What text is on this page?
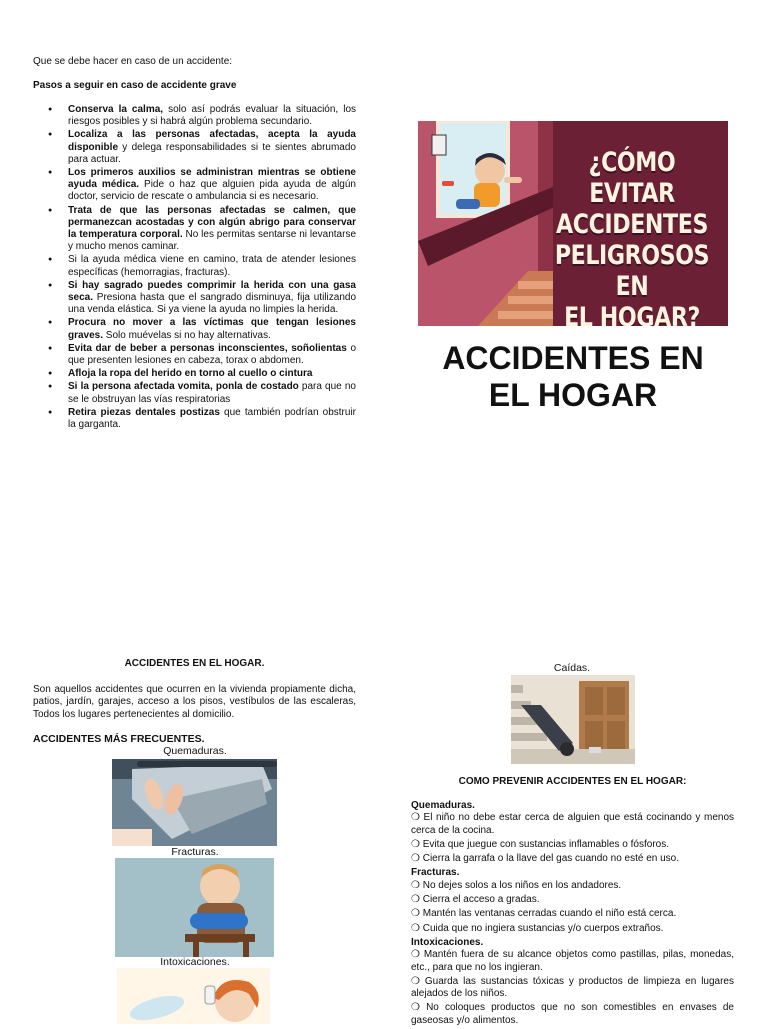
Que se debe hacer en caso de un accidente:
Pasos a seguir en caso de accidente grave
● Conserva la calma, solo así podrás evaluar la situación, los riesgos posibles y si habrá algún problema secundario.
● Localiza a las personas afectadas, acepta la ayuda disponible y delega responsabilidades si te sientes abrumado para actuar.
● Los primeros auxilios se administran mientras se obtiene ayuda médica. Pide o haz que alguien pida ayuda de algún doctor, servicio de rescate o ambulancia si es necesario.
● Trata de que las personas afectadas se calmen, que permanezcan acostadas y con algún abrigo para conservar la temperatura corporal. No les permitas sentarse ni levantarse y mucho menos caminar.
● Si la ayuda médica viene en camino, trata de atender lesiones específicas (hemorragias, fracturas).
● Si hay sagrado puedes comprimir la herida con una gasa seca. Presiona hasta que el sangrado disminuya, fija utilizando una venda elástica. Si ya viene la ayuda no limpies la herida.
● Procura no mover a las víctimas que tengan lesiones graves. Solo muévelas si no hay alternativas.
● Evita dar de beber a personas inconscientes, soñolientas o que presenten lesiones en cabeza, torax o abdomen.
● Afloja la ropa del herido en torno al cuello o cintura
● Si la persona afectada vomita, ponla de costado para que no se le obstruyan las vías respiratorias
● Retira piezas dentales postizas que también podrían obstruir la garganta.
¿CÓMO EVITAR
ACCIDENTES
PELIGROSOS EN
EL HOGAR?
ACCIDENTES EN
EL HOGAR
ACCIDENTES EN EL HOGAR.
Son aquellos accidentes que ocurren en la vivienda propiamente dicha, patios, jardín, garajes, acceso a los pisos, vestíbulos de las escaleras, Todos los lugares pertenecientes al domicilio.
ACCIDENTES MÁS FRECUENTES.
Quemaduras.
Fracturas.
Intoxicaciones.
Caídas.
COMO PREVENIR ACCIDENTES EN EL HOGAR:
Quemaduras.
❍ El niño no debe estar cerca de alguien que está cocinando y menos cerca de la cocina.
❍ Evita que juegue con sustancias inflamables o fósforos.
❍ Cierra la garrafa o la llave del gas cuando no esté en uso.
Fracturas.
❍ No dejes solos a los niños en los andadores.
❍ Cierra el acceso a gradas.
❍ Mantén las ventanas cerradas cuando el niño está cerca.
❍ Cuida que no ingiera sustancias y/o cuerpos extraños.
Intoxicaciones.
❍ Mantén fuera de su alcance objetos como pastillas, pilas, monedas, etc., para que no los ingieran.
❍ Guarda las sustancias tóxicas y productos de limpieza en lugares alejados de los niños.
❍ No coloques productos que no son comestibles en envases de gaseosas y/o alimentos.
